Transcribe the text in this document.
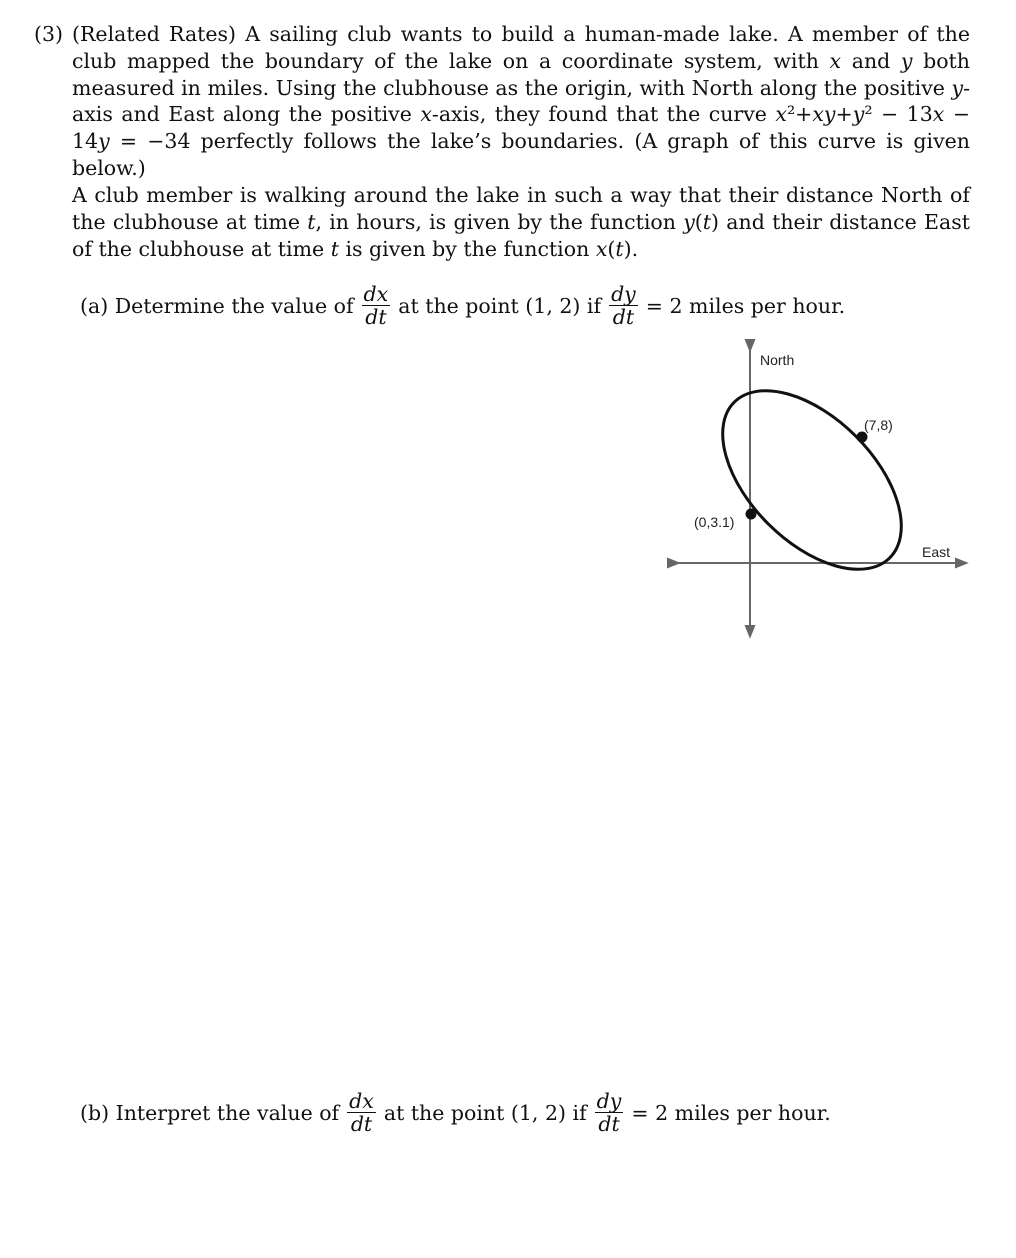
(3) (Related Rates) A sailing club wants to build a human-made lake. A member of the club mapped the boundary of the lake on a coordinate system, with x and y both measured in miles. Using the clubhouse as the origin, with North along the positive y-axis and East along the positive x-axis, they found that the curve x²+xy+y² − 13x − 14y = −34 perfectly follows the lake’s boundaries. (A graph of this curve is given below.)

A club member is walking around the lake in such a way that their distance North of the clubhouse at time t, in hours, is given by the function y(t) and their distance East of the clubhouse at time t is given by the function x(t).

(a) Determine the value of $\frac{dx}{dt}$ at the point (1, 2) if $\frac{dy}{dt} = 2$ miles per hour.
North
East
(7,8)
(0,3.1)
(b) Interpret the value of $\frac{dx}{dt}$ at the point (1, 2) if $\frac{dy}{dt} = 2$ miles per hour.
